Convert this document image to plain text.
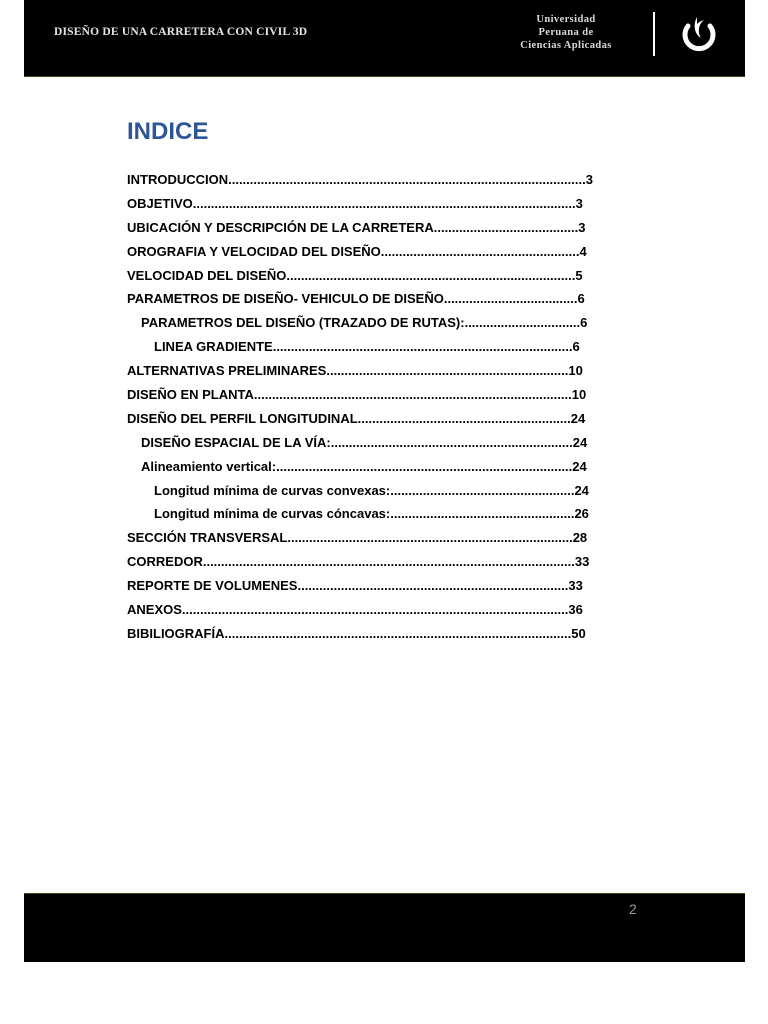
DISEÑO DE UNA CARRETERA CON CIVIL 3D
Universidad
Peruana de
Ciencias Aplicadas
INDICE
INTRODUCCION ................................................................................................... 3
OBJETIVO .......................................................................................................... 3
UBICACIÓN Y DESCRIPCIÓN DE LA CARRETERA ........................................ 3
OROGRAFIA Y VELOCIDAD DEL DISEÑO ....................................................... 4
VELOCIDAD DEL DISEÑO ................................................................................ 5
PARAMETROS DE DISEÑO- VEHICULO DE DISEÑO ..................................... 6
PARAMETROS DEL DISEÑO (TRAZADO DE RUTAS): ................................ 6
LINEA GRADIENTE ................................................................................... 6
ALTERNATIVAS PRELIMINARES ................................................................... 10
DISEÑO EN PLANTA ........................................................................................ 10
DISEÑO DEL PERFIL LONGITUDINAL ........................................................... 24
DISEÑO ESPACIAL DE LA VÍA: ................................................................... 24
Alineamiento vertical: .................................................................................. 24
Longitud mínima de curvas convexas: ................................................... 24
Longitud mínima de curvas cóncavas: ................................................... 26
SECCIÓN TRANSVERSAL ............................................................................... 28
CORREDOR ....................................................................................................... 33
REPORTE DE VOLUMENES ........................................................................... 33
ANEXOS ........................................................................................................... 36
BIBILIOGRAFÍA ................................................................................................ 50
2
